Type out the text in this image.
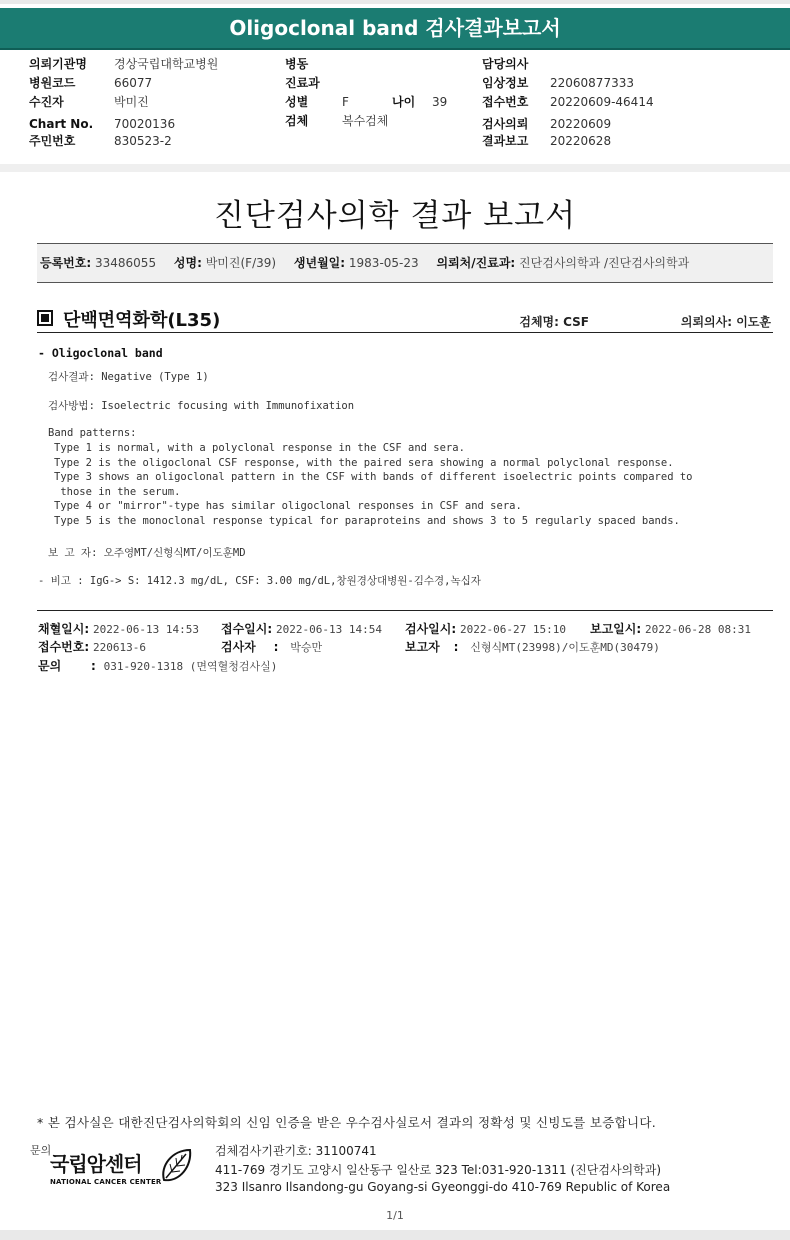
Oligoclonal band 검사결과보고서
의뢰기관명 경상국립대학교병원
병원코드	66077
수진자	박미진
Chart No. 70020136
주민번호	830523-2
병동
진료과
성별	F	나이 39
검체	복수검체
담당의사
임상정보 22060877333
접수번호 20220609-46414
검사의뢰 20220609
결과보고 20220628
진단검사의학 결과 보고서
등록번호: 33486055 성명: 박미진(F/39) 생년월일: 1983-05-23 의뢰처/진료과: 진단검사의학과 /진단검사의학과
단백면역화학(L35)	검체명: CSF	의뢰의사: 이도훈
- Oligoclonal band
검사결과: Negative (Type 1)
검사방법: Isoelectric focusing with Immunofixation
Band patterns:
Type 1 is normal, with a polyclonal response in the CSF and sera.
Type 2 is the oligoclonal CSF response, with the paired sera showing a normal polyclonal response.
Type 3 shows an oligoclonal pattern in the CSF with bands of different isoelectric points compared to
those in the serum.
Type 4 or "mirror"-type has similar oligoclonal responses in CSF and sera.
Type 5 is the monoclonal response typical for paraproteins and shows 3 to 5 regularly spaced bands.
보 고 자: 오주영MT/신형식MT/이도훈MD
- 비고 : IgG-> S: 1412.3 mg/dL, CSF: 3.00 mg/dL,창원경상대병원-김수경,녹십자
채혈일시: 2022-06-13 14:53 접수일시: 2022-06-13 14:54 검사일시: 2022-06-27 15:10 보고일시: 2022-06-28 08:31
접수번호: 220613-6	검사자 : 박승만	보고자 : 신형식MT(23998)/이도훈MD(30479)
문의 : 031-920-1318 (면역혈청검사실)
* 본 검사실은 대한진단검사의학회의 신임 인증을 받은 우수검사실로서 결과의 정확성 및 신빙도를 보증합니다.
문의
국립암센터
NATIONAL CANCER CENTER
검체검사기관기호: 31100741
411-769 경기도 고양시 일산동구 일산로 323 Tel:031-920-1311 (진단검사의학과)
323 Ilsanro Ilsandong-gu Goyang-si Gyeonggi-do 410-769 Republic of Korea
1/1
